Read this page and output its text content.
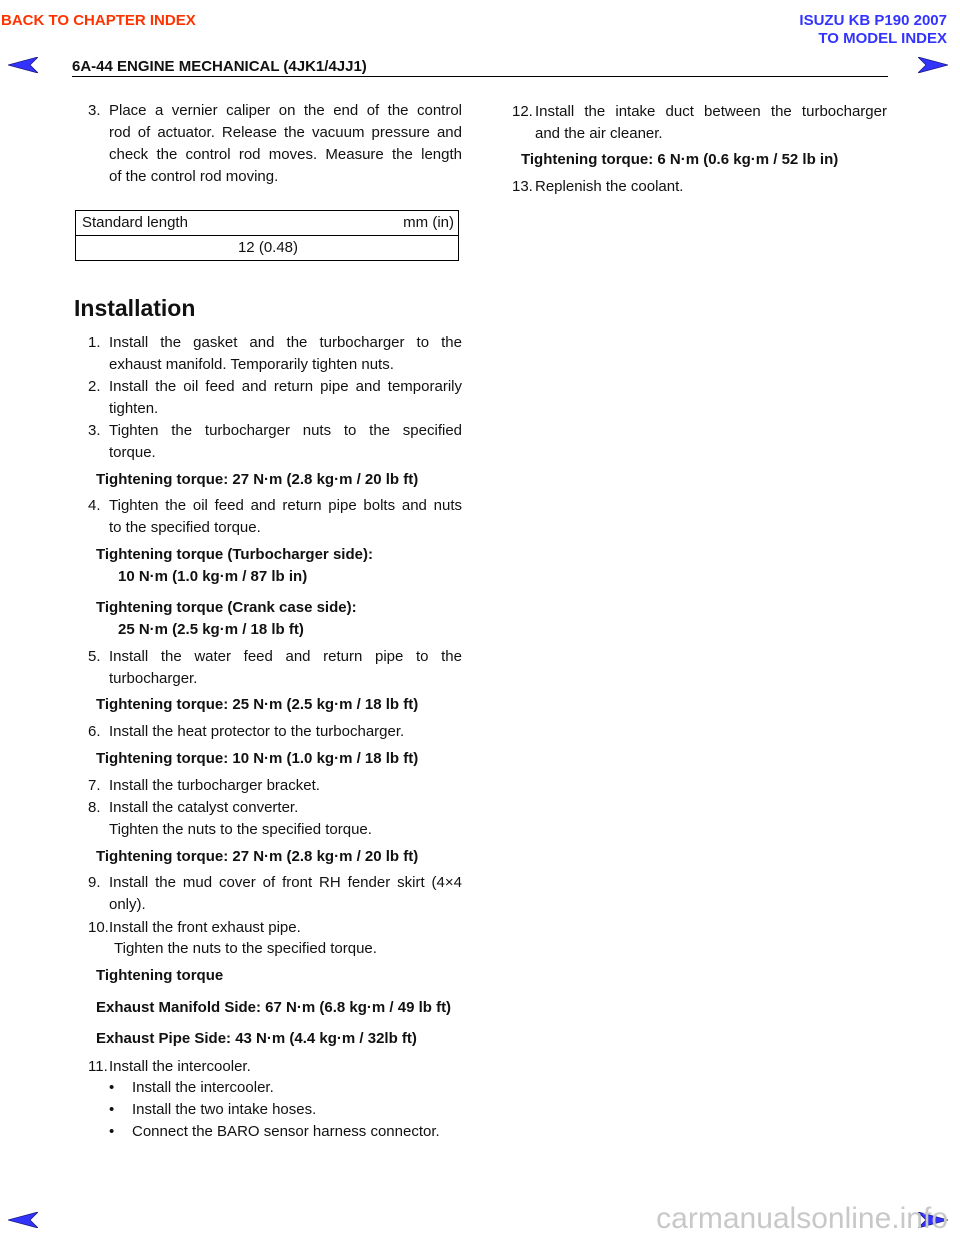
BACK TO CHAPTER INDEX	ISUZU KB P190 2007
TO MODEL INDEX
6A-44 ENGINE MECHANICAL (4JK1/4JJ1)
3. Place a vernier caliper on the end of the control
rod of actuator. Release the vacuum pressure and
check the control rod moves. Measure the length
of the control rod moving.
Standard length	mm (in)

12 (0.48)
Installation
1. Install the gasket and the turbocharger to the
exhaust manifold. Temporarily tighten nuts.
2. Install the oil feed and return pipe and temporarily
tighten.
3. Tighten the turbocharger nuts to the specified
torque.
Tightening torque: 27 N·m (2.8 kg·m / 20 lb ft)
4. Tighten the oil feed and return pipe bolts and nuts
to the specified torque.
Tightening torque (Turbocharger side):
10 N·m (1.0 kg·m / 87 lb in)
Tightening torque (Crank case side):
25 N·m (2.5 kg·m / 18 lb ft)
5. Install the water feed and return pipe to the
turbocharger.
Tightening torque: 25 N·m (2.5 kg·m / 18 lb ft)
6. Install the heat protector to the turbocharger.
Tightening torque: 10 N·m (1.0 kg·m / 18 lb ft)
7. Install the turbocharger bracket.
8. Install the catalyst converter.
Tighten the nuts to the specified torque.
Tightening torque: 27 N·m (2.8 kg·m / 20 lb ft)
9. Install the mud cover of front RH fender skirt (4×4
only).
10. Install the front exhaust pipe.
Tighten the nuts to the specified torque.
Tightening torque
Exhaust Manifold Side: 67 N·m (6.8 kg·m / 49 lb ft)
Exhaust Pipe Side: 43 N·m (4.4 kg·m / 32lb ft)
11. Install the intercooler.
• Install the intercooler.
• Install the two intake hoses.
• Connect the BARO sensor harness connector.
12. Install the intake duct between the turbocharger
and the air cleaner.
Tightening torque: 6 N·m (0.6 kg·m / 52 lb in)
13. Replenish the coolant.
carmanualsonline.info
